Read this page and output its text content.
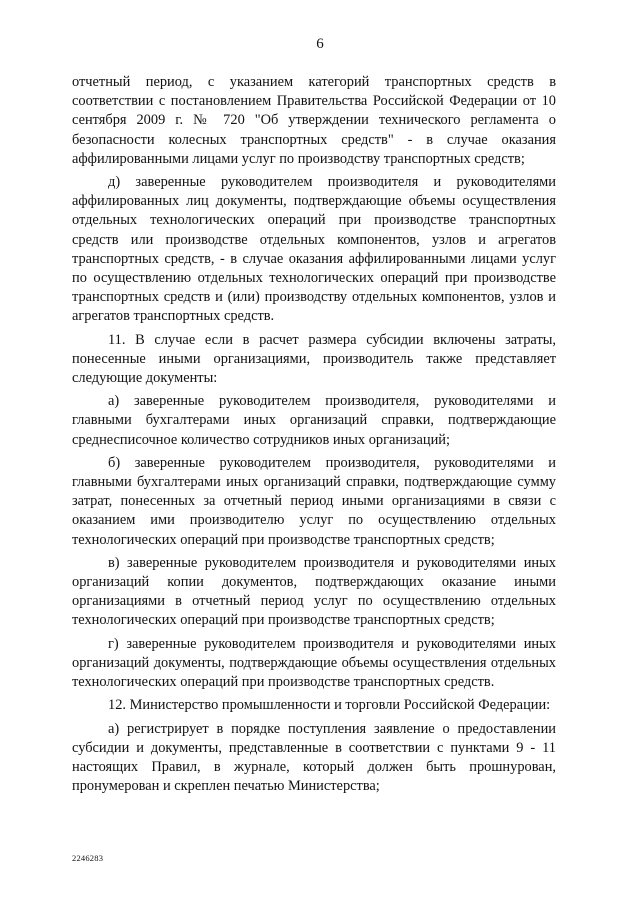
6

отчетный период, с указанием категорий транспортных средств в соответствии с постановлением Правительства Российской Федерации от 10 сентября 2009 г. № 720 "Об утверждении технического регламента о безопасности колесных транспортных средств" - в случае оказания аффилированными лицами услуг по производству транспортных средств;

д) заверенные руководителем производителя и руководителями аффилированных лиц документы, подтверждающие объемы осуществления отдельных технологических операций при производстве транспортных средств или производстве отдельных компонентов, узлов и агрегатов транспортных средств, - в случае оказания аффилированными лицами услуг по осуществлению отдельных технологических операций при производстве транспортных средств и (или) производству отдельных компонентов, узлов и агрегатов транспортных средств.

11. В случае если в расчет размера субсидии включены затраты, понесенные иными организациями, производитель также представляет следующие документы:

а) заверенные руководителем производителя, руководителями и главными бухгалтерами иных организаций справки, подтверждающие среднесписочное количество сотрудников иных организаций;

б) заверенные руководителем производителя, руководителями и главными бухгалтерами иных организаций справки, подтверждающие сумму затрат, понесенных за отчетный период иными организациями в связи с оказанием ими производителю услуг по осуществлению отдельных технологических операций при производстве транспортных средств;

в) заверенные руководителем производителя и руководителями иных организаций копии документов, подтверждающих оказание иными организациями в отчетный период услуг по осуществлению отдельных технологических операций при производстве транспортных средств;

г) заверенные руководителем производителя и руководителями иных организаций документы, подтверждающие объемы осуществления отдельных технологических операций при производстве транспортных средств.

12. Министерство промышленности и торговли Российской Федерации:

а) регистрирует в порядке поступления заявление о предоставлении субсидии и документы, представленные в соответствии с пунктами 9 - 11 настоящих Правил, в журнале, который должен быть прошнурован, пронумерован и скреплен печатью Министерства;

2246283
